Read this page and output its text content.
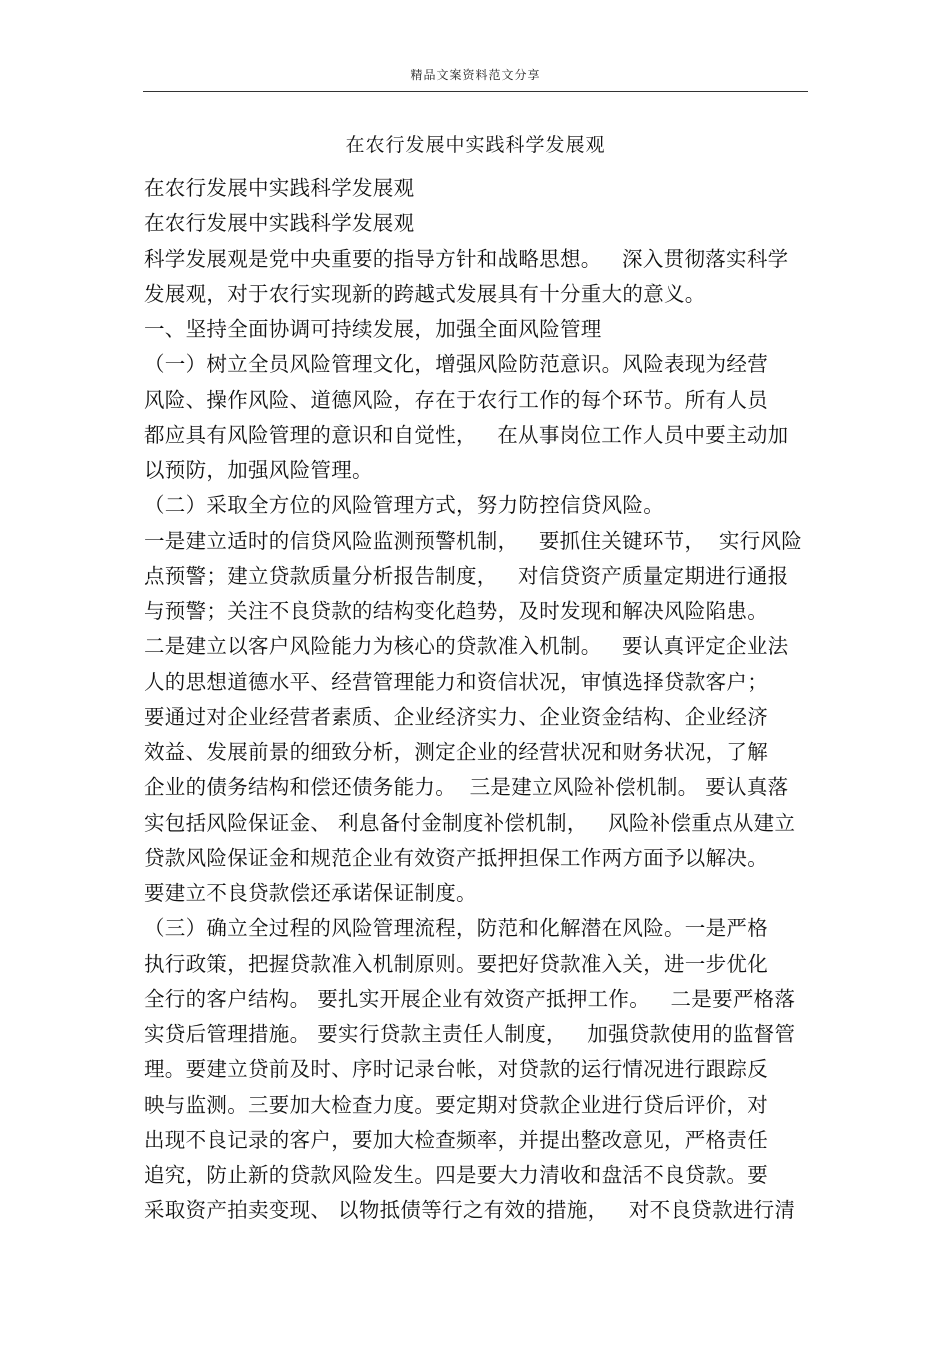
精品文案资料范文分享
在农行发展中实践科学发展观
在农行发展中实践科学发展观
在农行发展中实践科学发展观
科学发展观是党中央重要的指导方针和战略思想。   深入贯彻落实科学
发展观，对于农行实现新的跨越式发展具有十分重大的意义。
一、坚持全面协调可持续发展，加强全面风险管理
（一）树立全员风险管理文化，增强风险防范意识。风险表现为经营
风险、操作风险、道德风险，存在于农行工作的每个环节。所有人员
都应具有风险管理的意识和自觉性，   在从事岗位工作人员中要主动加
以预防，加强风险管理。
（二）采取全方位的风险管理方式，努力防控信贷风险。
一是建立适时的信贷风险监测预警机制，   要抓住关键环节，  实行风险
点预警；建立贷款质量分析报告制度，   对信贷资产质量定期进行通报
与预警；关注不良贷款的结构变化趋势，及时发现和解决风险陷患。
二是建立以客户风险能力为核心的贷款准入机制。   要认真评定企业法
人的思想道德水平、经营管理能力和资信状况，审慎选择贷款客户；
要通过对企业经营者素质、企业经济实力、企业资金结构、企业经济
效益、发展前景的细致分析，测定企业的经营状况和财务状况，了解
企业的债务结构和偿还债务能力。  三是建立风险补偿机制。 要认真落
实包括风险保证金、 利息备付金制度补偿机制，   风险补偿重点从建立
贷款风险保证金和规范企业有效资产抵押担保工作两方面予以解决。
要建立不良贷款偿还承诺保证制度。
（三）确立全过程的风险管理流程，防范和化解潜在风险。一是严格
执行政策，把握贷款准入机制原则。要把好贷款准入关，进一步优化
全行的客户结构。 要扎实开展企业有效资产抵押工作。   二是要严格落
实贷后管理措施。 要实行贷款主责任人制度，   加强贷款使用的监督管
理。要建立贷前及时、序时记录台帐，对贷款的运行情况进行跟踪反
映与监测。三要加大检查力度。要定期对贷款企业进行贷后评价，对
出现不良记录的客户，要加大检查频率，并提出整改意见，严格责任
追究，防止新的贷款风险发生。四是要大力清收和盘活不良贷款。要
采取资产拍卖变现、 以物抵债等行之有效的措施，   对不良贷款进行清
